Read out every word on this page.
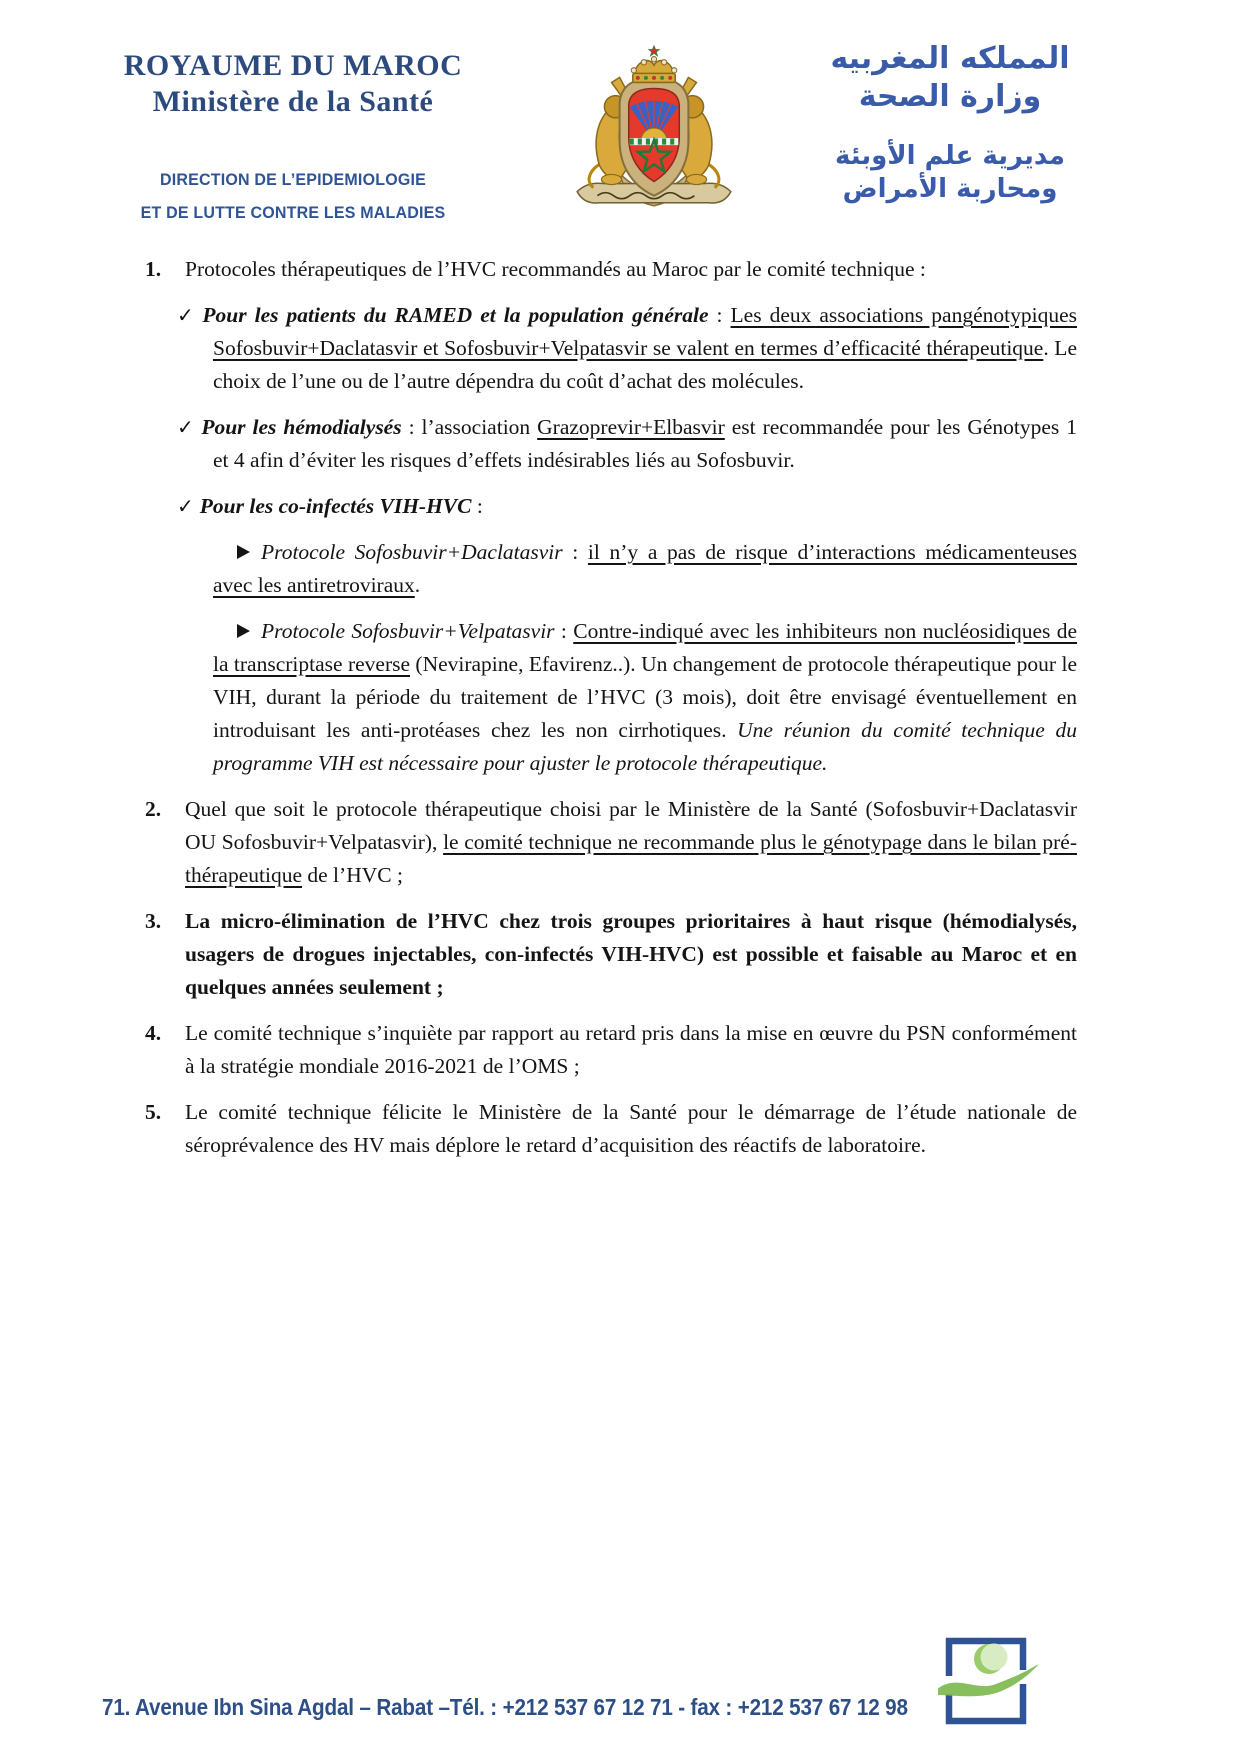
ROYAUME DU MAROC
Ministère de la Santé
DIRECTION DE L’EPIDEMIOLOGIE
ET DE LUTTE CONTRE LES MALADIES
المملكه المغربيه
وزارة الصحة
مديرية علم الأوبئة
ومحاربة الأمراض
1. Protocoles thérapeutiques de l’HVC recommandés au Maroc par le comité technique :
✓ Pour les patients du RAMED et la population générale : Les deux associations pangénotypiques Sofosbuvir+Daclatasvir et Sofosbuvir+Velpatasvir se valent en termes d’efficacité thérapeutique. Le choix de l’une ou de l’autre dépendra du coût d’achat des molécules.
✓ Pour les hémodialysés : l’association Grazoprevir+Elbasvir est recommandée pour les Génotypes 1 et 4 afin d’éviter les risques d’effets indésirables liés au Sofosbuvir.
✓ Pour les co-infectés VIH-HVC :
Protocole Sofosbuvir+Daclatasvir : il n’y a pas de risque d’interactions médicamenteuses avec les antiretroviraux.
Protocole Sofosbuvir+Velpatasvir : Contre-indiqué avec les inhibiteurs non nucléosidiques de la transcriptase reverse (Nevirapine, Efavirenz..). Un changement de protocole thérapeutique pour le VIH, durant la période du traitement de l’HVC (3 mois), doit être envisagé éventuellement en introduisant les anti-protéases chez les non cirrhotiques. Une réunion du comité technique du programme VIH est nécessaire pour ajuster le protocole thérapeutique.
2. Quel que soit le protocole thérapeutique choisi par le Ministère de la Santé (Sofosbuvir+Daclatasvir OU Sofosbuvir+Velpatasvir), le comité technique ne recommande plus le génotypage dans le bilan pré-thérapeutique de l’HVC ;
3. La micro-élimination de l’HVC chez trois groupes prioritaires à haut risque (hémodialysés, usagers de drogues injectables, con-infectés VIH-HVC) est possible et faisable au Maroc et en quelques années seulement ;
4. Le comité technique s’inquiète par rapport au retard pris dans la mise en œuvre du PSN conformément à la stratégie mondiale 2016-2021 de l’OMS ;
5. Le comité technique félicite le Ministère de la Santé pour le démarrage de l’étude nationale de séroprévalence des HV mais déplore le retard d’acquisition des réactifs de laboratoire.
71. Avenue Ibn Sina Agdal – Rabat –Tél. : +212 537 67 12 71 - fax : +212 537 67 12 98
